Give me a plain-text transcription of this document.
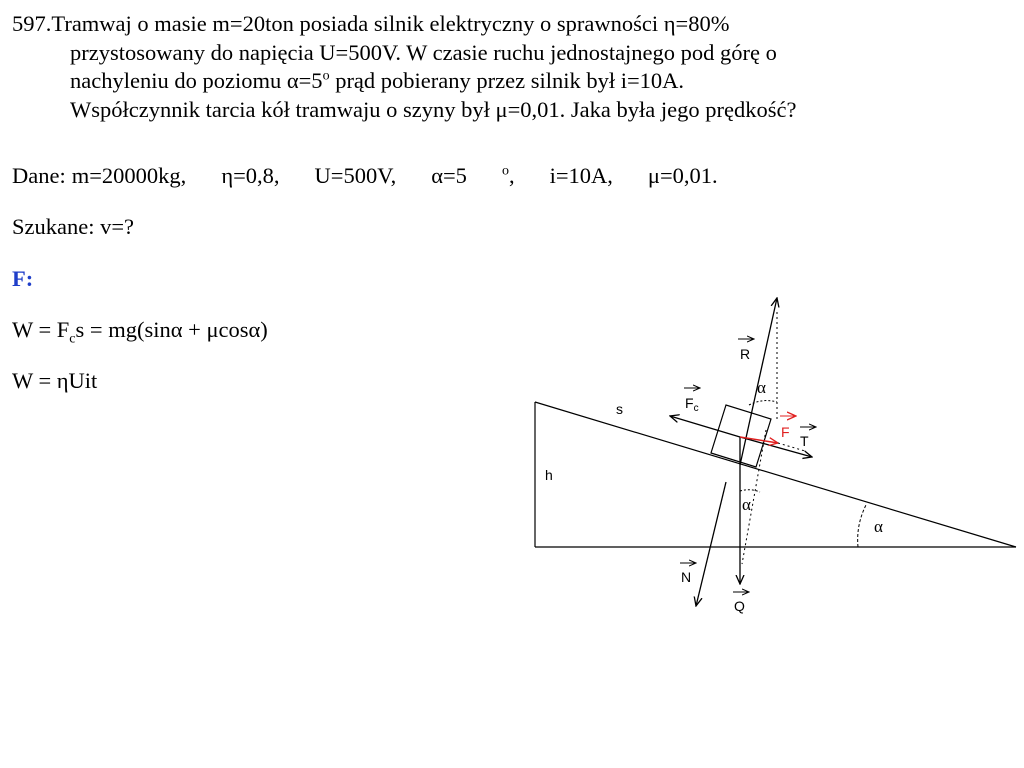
597.Tramwaj o masie m=20ton posiada silnik elektryczny o sprawności η=80%
przystosowany do napięcia U=500V. W czasie ruchu jednostajnego pod górę o
nachyleniu do poziomu $\alpha=5^o$ prąd pobierany przez silnik był i=10A.
Współczynnik tarcia kół tramwaju o szyny był μ=0,01. Jaka była jego prędkość?
Dane: m=20000kg, η=0,8, U=500V, α=5	$^o$, i=10A, μ=0,01.
Szukane: v=?
F:
$W = F_cs = mg(\sin\alpha + \mu\cos\alpha)$
W = ηUit
R
α
$F_c$
s
h
F
T
α
α
N
Q
